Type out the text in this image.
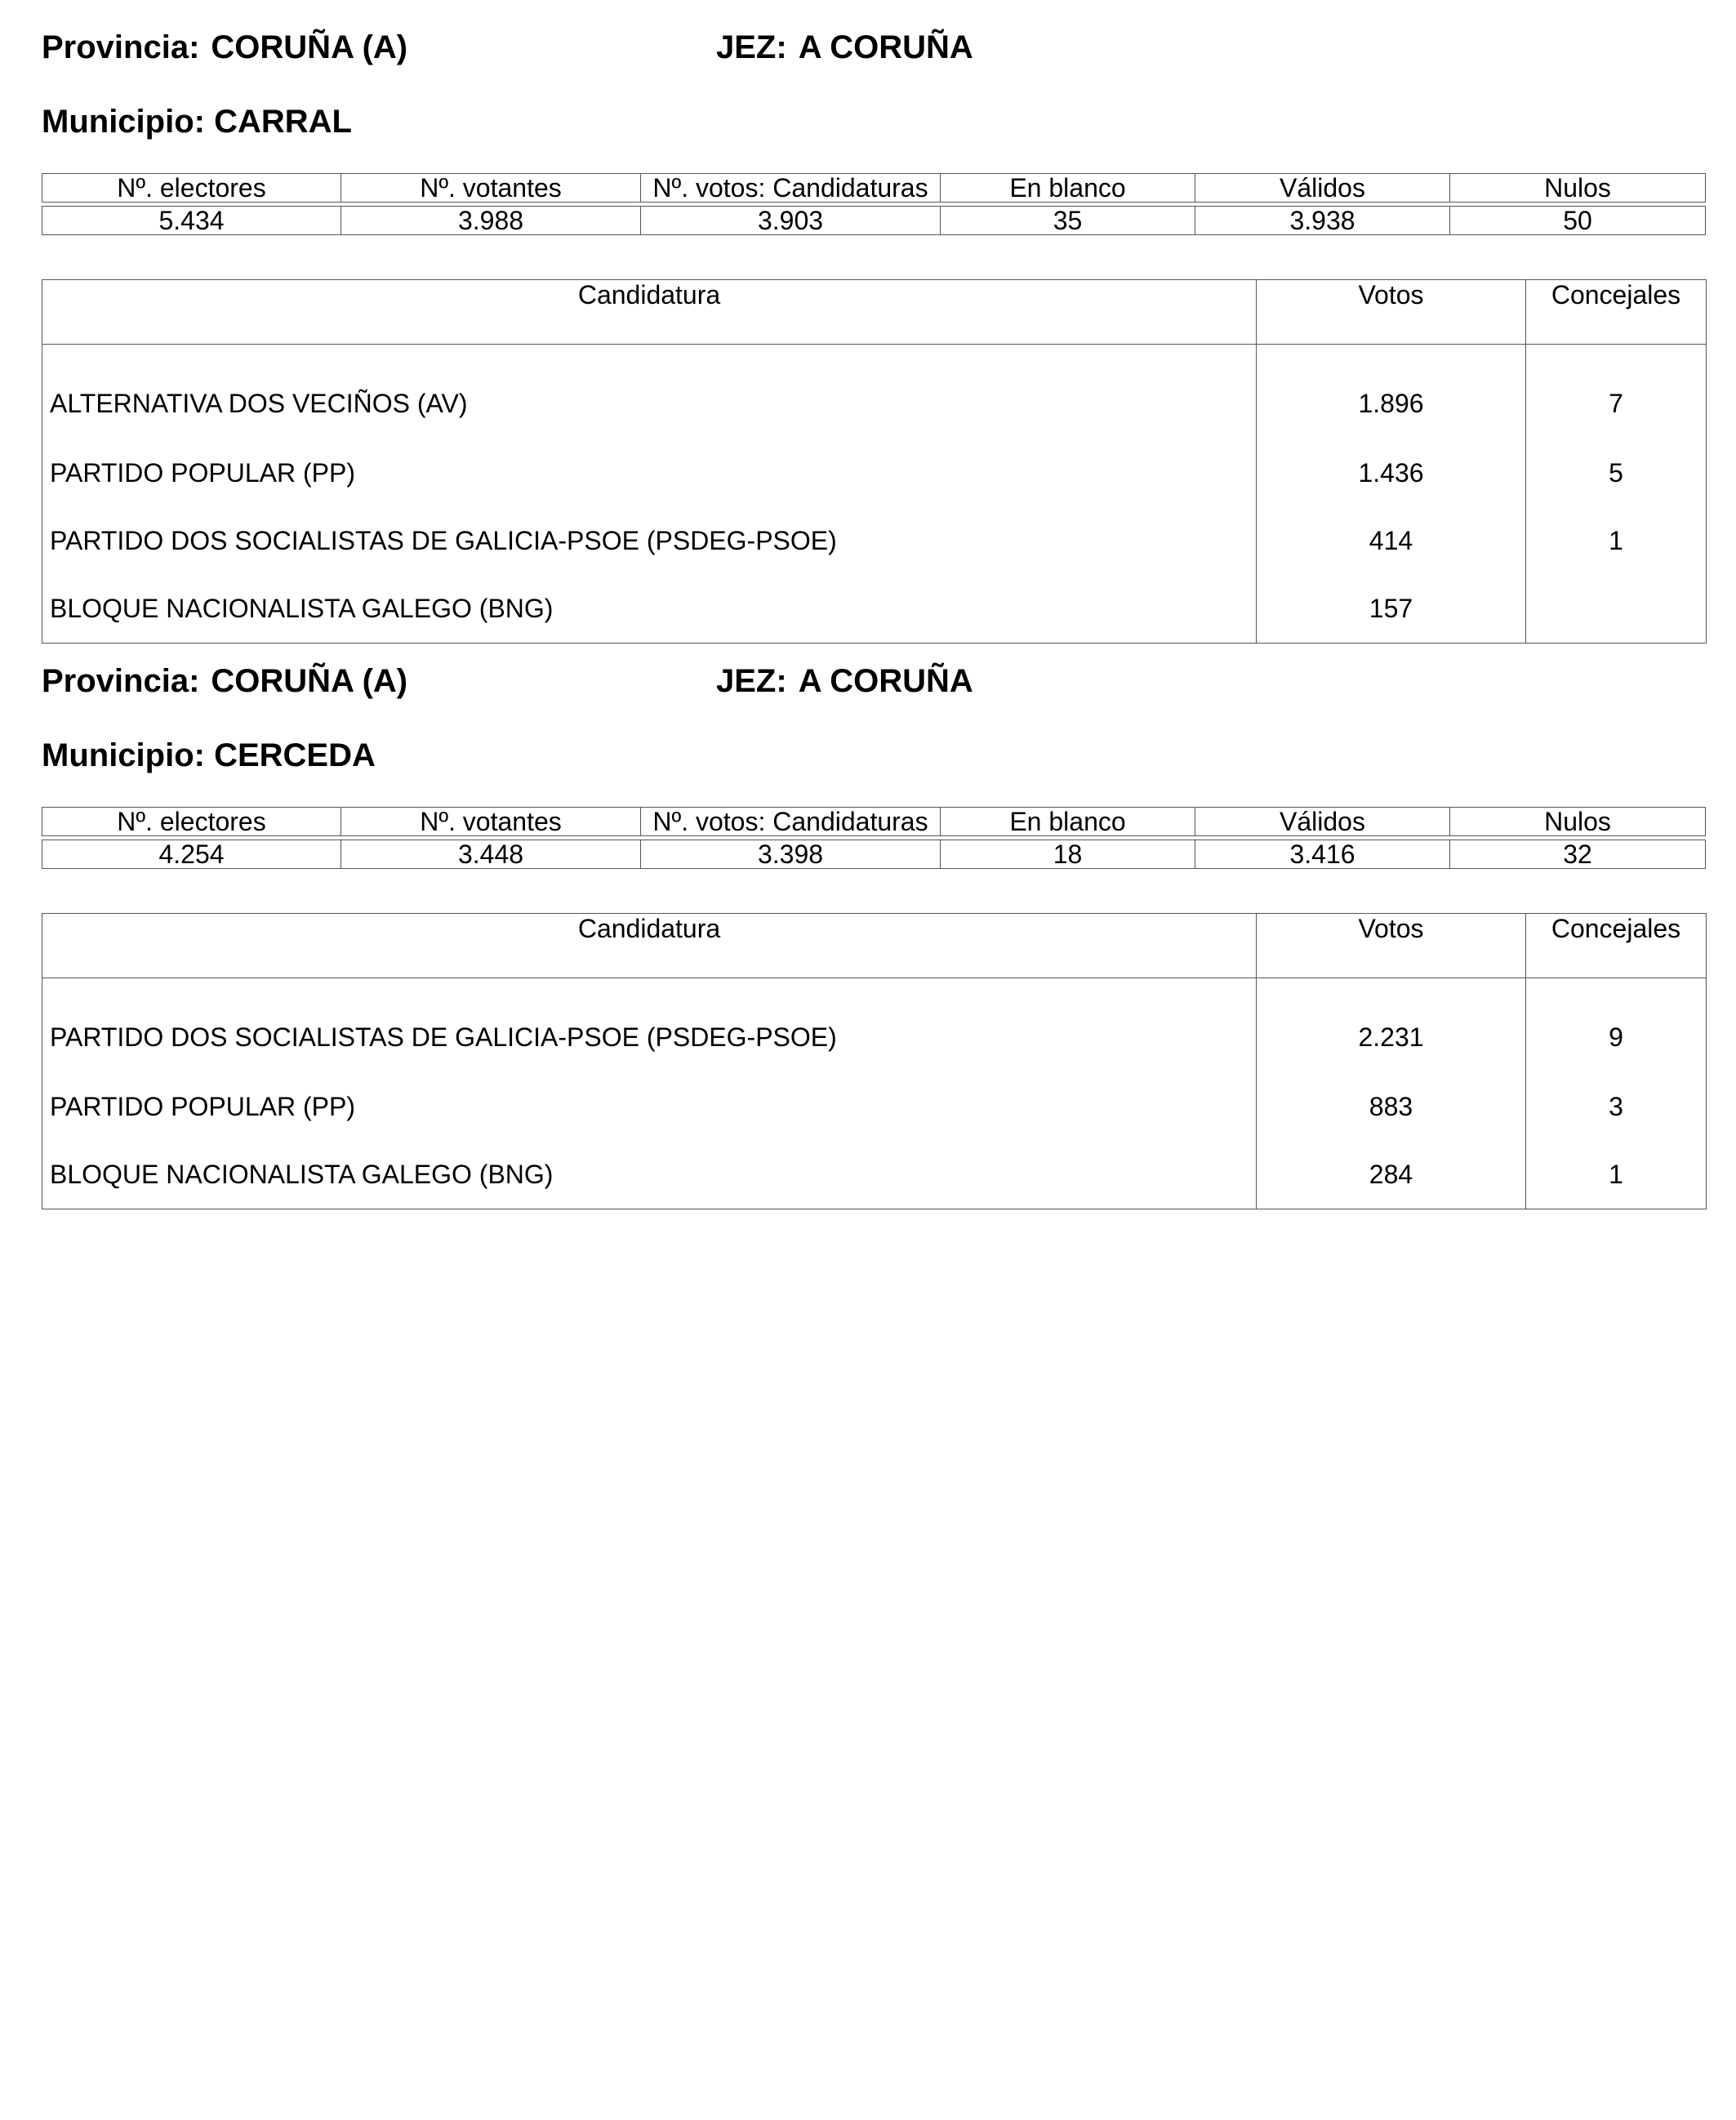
Provincia: CORUÑA (A)	JEZ: A CORUÑA
Municipio: CARRAL
Nº. electores	Nº. votantes	Nº. votos: Candidaturas	En blanco	Válidos	Nulos
5.434	3.988	3.903	35	3.938	50
Candidatura	Votos	Concejales
ALTERNATIVA DOS VECIÑOS (AV)	1.896	7
PARTIDO POPULAR (PP)	1.436	5
PARTIDO DOS SOCIALISTAS DE GALICIA-PSOE (PSDEG-PSOE)	414	1
BLOQUE NACIONALISTA GALEGO (BNG)	157	
Provincia: CORUÑA (A)	JEZ: A CORUÑA
Municipio: CERCEDA
Nº. electores	Nº. votantes	Nº. votos: Candidaturas	En blanco	Válidos	Nulos
4.254	3.448	3.398	18	3.416	32
Candidatura	Votos	Concejales
PARTIDO DOS SOCIALISTAS DE GALICIA-PSOE (PSDEG-PSOE)	2.231	9
PARTIDO POPULAR (PP)	883	3
BLOQUE NACIONALISTA GALEGO (BNG)	284	1
